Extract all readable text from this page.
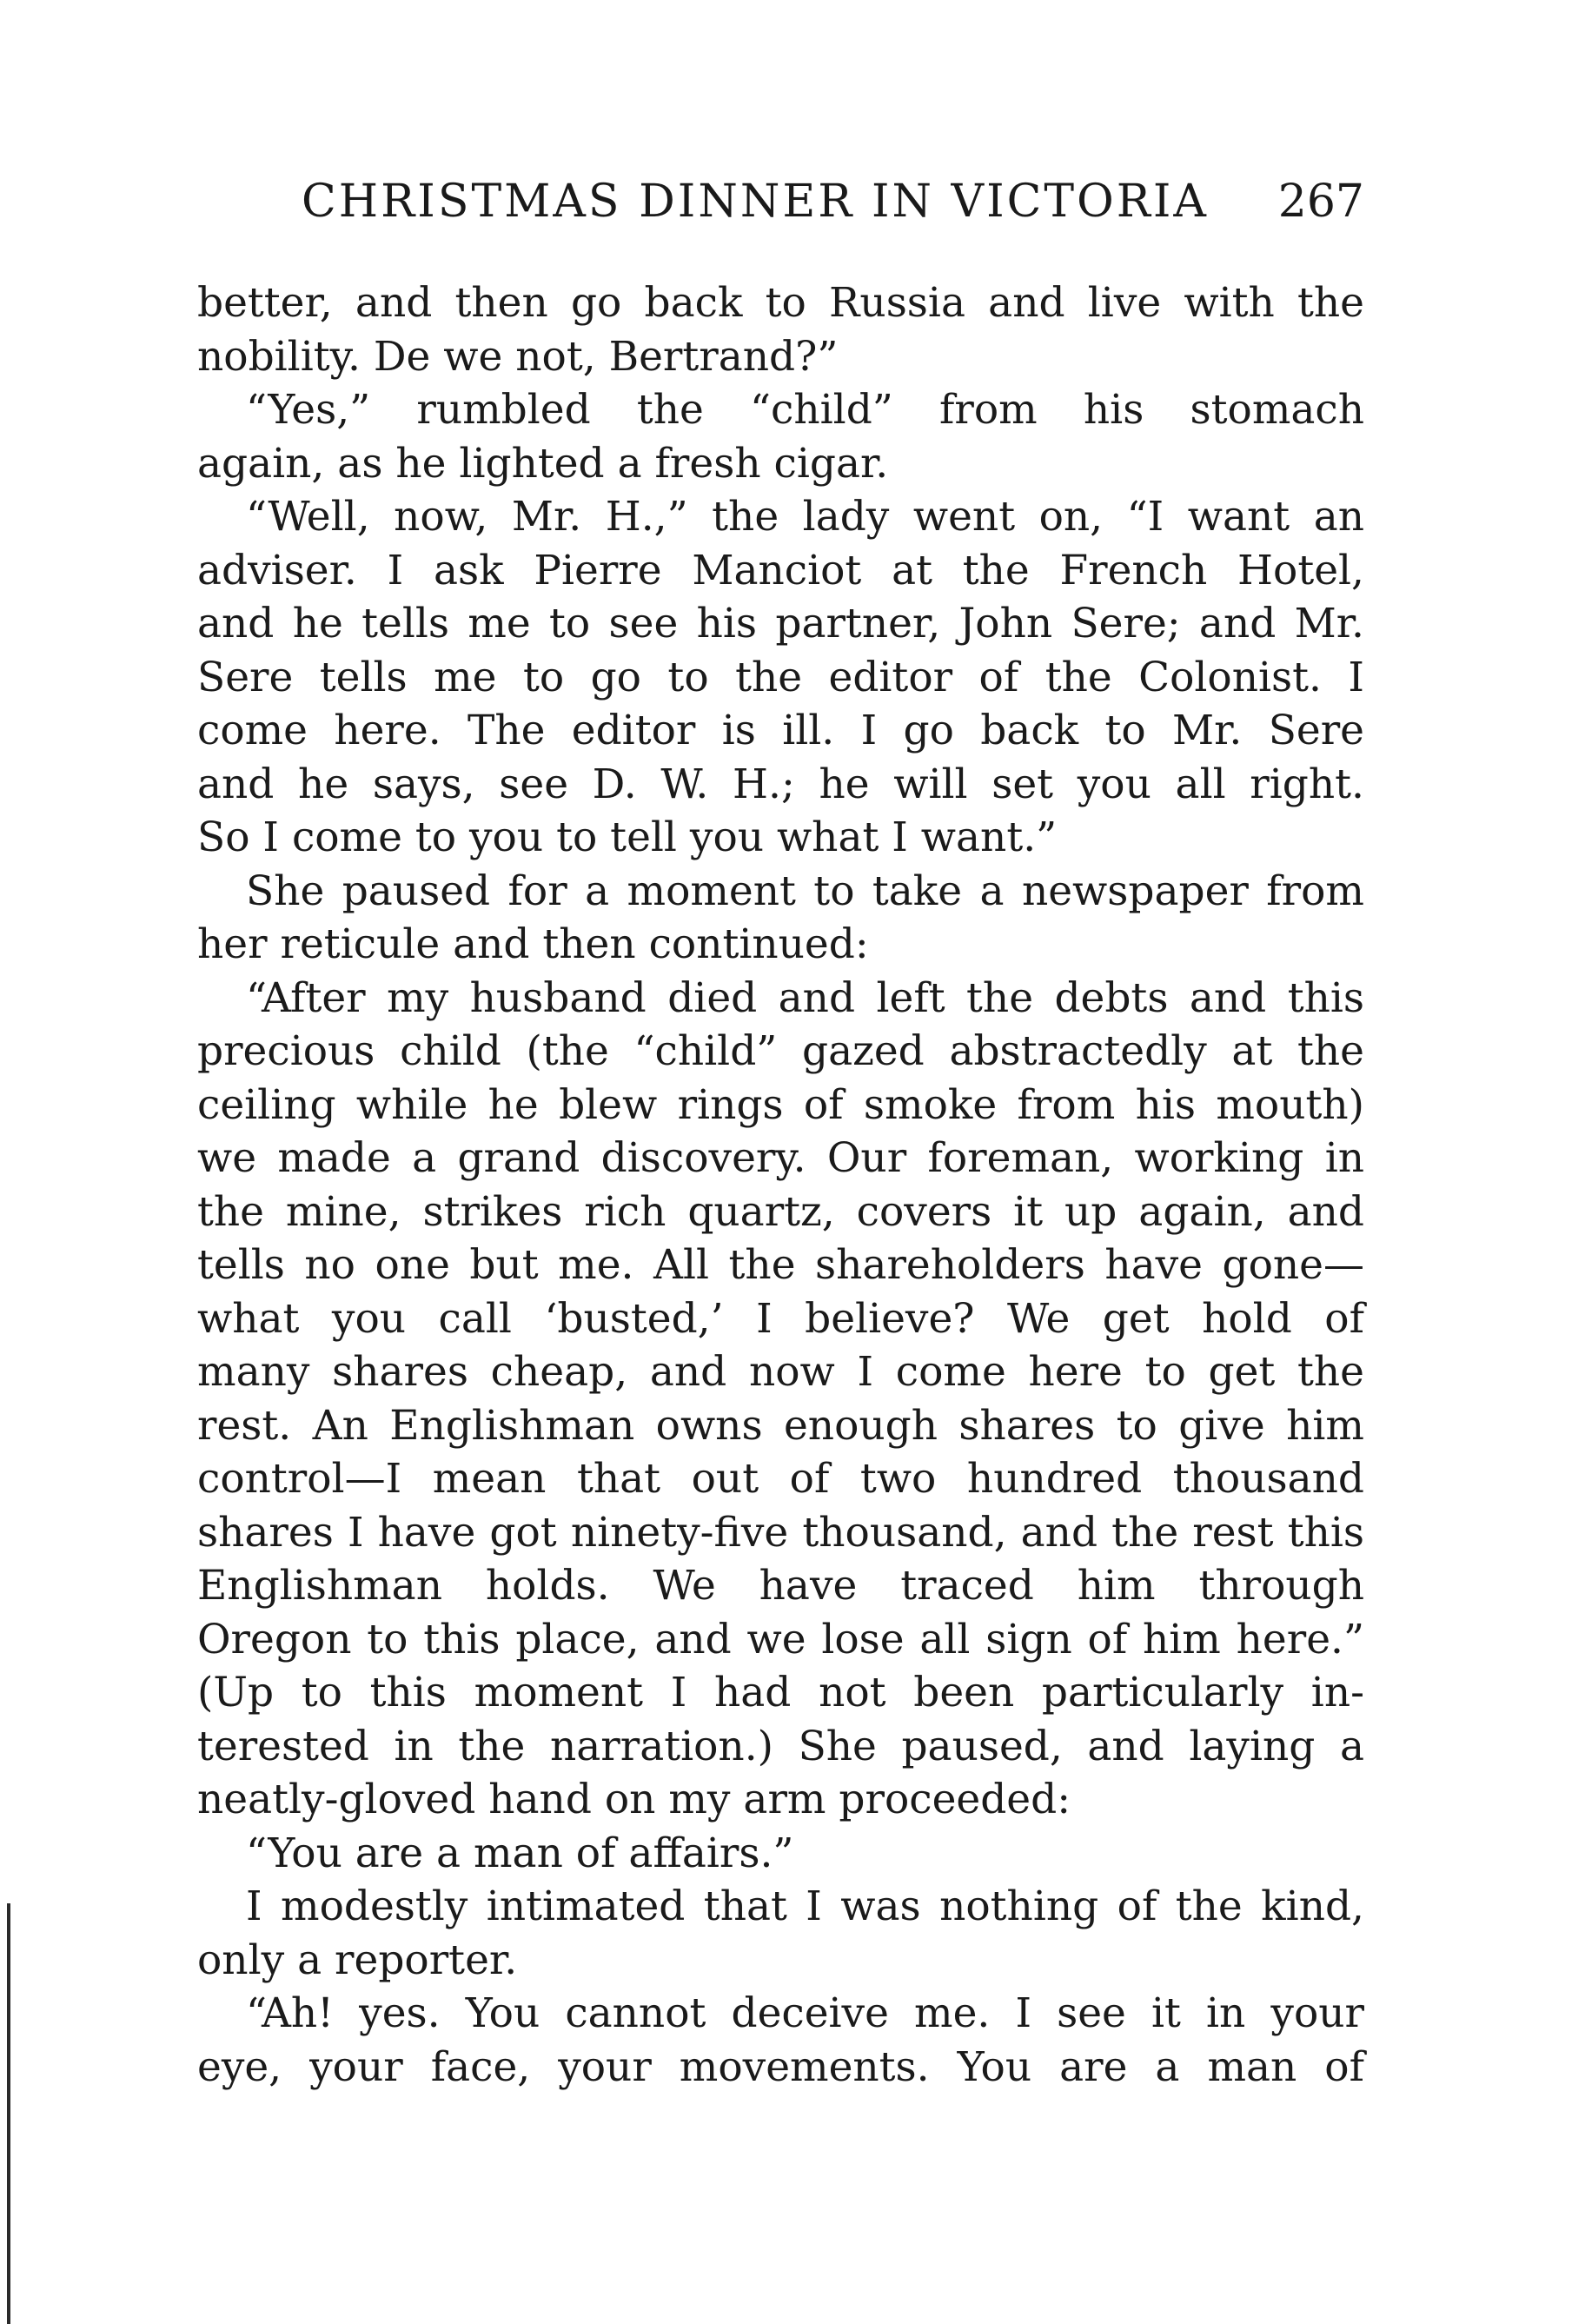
CHRISTMAS DINNER IN VICTORIA 267
better, and then go back to Russia and live with the
nobility. De we not, Bertrand?”
“Yes,” rumbled the “child” from his stomach
again, as he lighted a fresh cigar.
“Well, now, Mr. H.,” the lady went on, “I want an
adviser. I ask Pierre Manciot at the French Hotel,
and he tells me to see his partner, John Sere; and Mr.
Sere tells me to go to the editor of the Colonist. I
come here. The editor is ill. I go back to Mr. Sere
and he says, see D. W. H.; he will set you all right.
So I come to you to tell you what I want.”
She paused for a moment to take a newspaper from
her reticule and then continued:
“After my husband died and left the debts and this
precious child (the “child” gazed abstractedly at the
ceiling while he blew rings of smoke from his mouth)
we made a grand discovery. Our foreman, working in
the mine, strikes rich quartz, covers it up again, and
tells no one but me. All the shareholders have gone—
what you call ‘busted,’ I believe? We get hold of
many shares cheap, and now I come here to get the
rest. An Englishman owns enough shares to give him
control—I mean that out of two hundred thousand
shares I have got ninety-five thousand, and the rest this
Englishman holds. We have traced him through
Oregon to this place, and we lose all sign of him here.”
(Up to this moment I had not been particularly in-
terested in the narration.) She paused, and laying a
neatly-gloved hand on my arm proceeded:
“You are a man of affairs.”
I modestly intimated that I was nothing of the kind,
only a reporter.
“Ah! yes. You cannot deceive me. I see it in your
eye, your face, your movements. You are a man of
